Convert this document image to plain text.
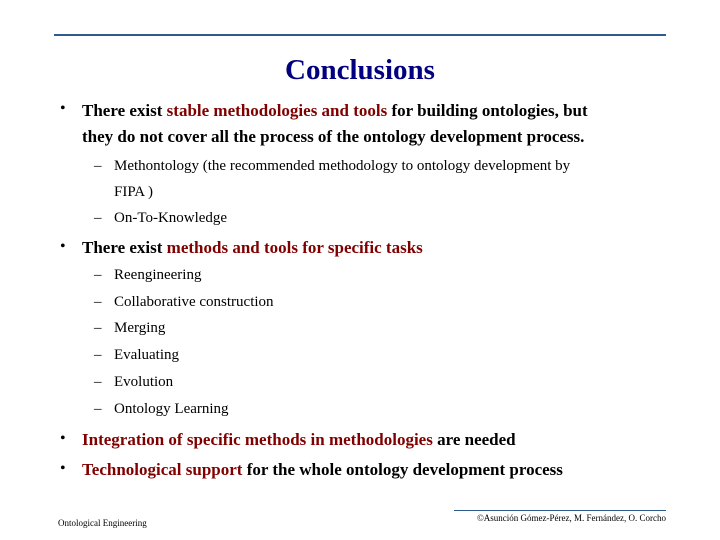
Conclusions
• There exist stable methodologies and tools for building ontologies, but
they do not cover all the process of the ontology development process.
– Methontology (the recommended methodology to ontology development by
FIPA )
– On-To-Knowledge
• There exist methods and tools for specific tasks
– Reengineering
– Collaborative construction
– Merging
– Evaluating
– Evolution
– Ontology Learning
• Integration of specific methods in methodologies are needed
• Technological support for the whole ontology development process
Ontological Engineering	©Asunción Gómez-Pérez, M. Fernández, O. Corcho
